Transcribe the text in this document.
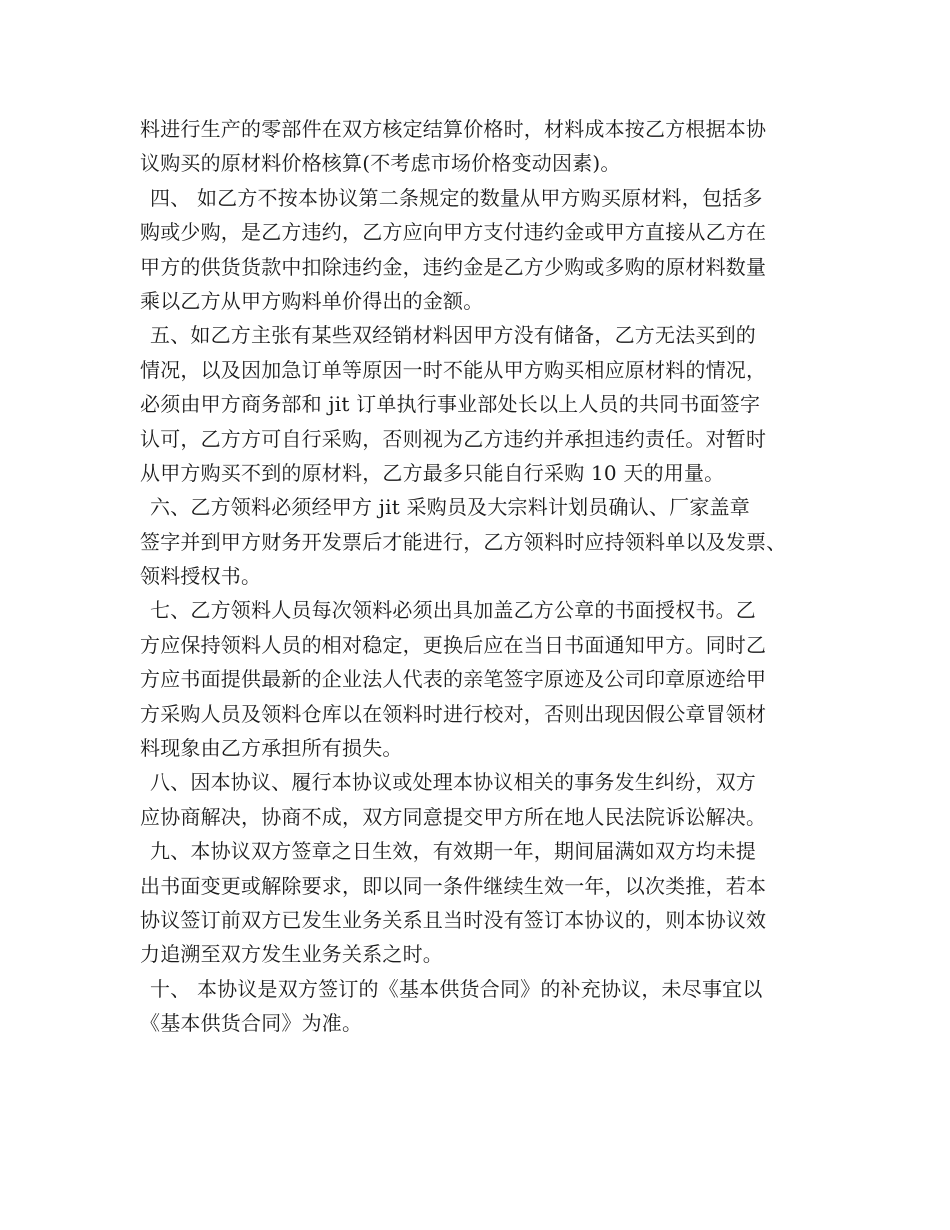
料进行生产的零部件在双方核定结算价格时，材料成本按乙方根据本协
议购买的原材料价格核算(不考虑市场价格变动因素)。
四、 如乙方不按本协议第二条规定的数量从甲方购买原材料，包括多
购或少购，是乙方违约，乙方应向甲方支付违约金或甲方直接从乙方在
甲方的供货货款中扣除违约金，违约金是乙方少购或多购的原材料数量
乘以乙方从甲方购料单价得出的金额。
五、如乙方主张有某些双经销材料因甲方没有储备，乙方无法买到的
情况，以及因加急订单等原因一时不能从甲方购买相应原材料的情况，
必须由甲方商务部和 jit 订单执行事业部处长以上人员的共同书面签字
认可，乙方方可自行采购，否则视为乙方违约并承担违约责任。对暂时
从甲方购买不到的原材料，乙方最多只能自行采购 10 天的用量。
六、乙方领料必须经甲方 jit 采购员及大宗料计划员确认、厂家盖章
签字并到甲方财务开发票后才能进行，乙方领料时应持领料单以及发票、
领料授权书。
七、乙方领料人员每次领料必须出具加盖乙方公章的书面授权书。乙
方应保持领料人员的相对稳定，更换后应在当日书面通知甲方。同时乙
方应书面提供最新的企业法人代表的亲笔签字原迹及公司印章原迹给甲
方采购人员及领料仓库以在领料时进行校对，否则出现因假公章冒领材
料现象由乙方承担所有损失。
八、因本协议、履行本协议或处理本协议相关的事务发生纠纷，双方
应协商解决，协商不成，双方同意提交甲方所在地人民法院诉讼解决。
九、本协议双方签章之日生效，有效期一年，期间届满如双方均未提
出书面变更或解除要求，即以同一条件继续生效一年，以次类推，若本
协议签订前双方已发生业务关系且当时没有签订本协议的，则本协议效
力追溯至双方发生业务关系之时。
十、 本协议是双方签订的《基本供货合同》的补充协议，未尽事宜以
《基本供货合同》为准。
